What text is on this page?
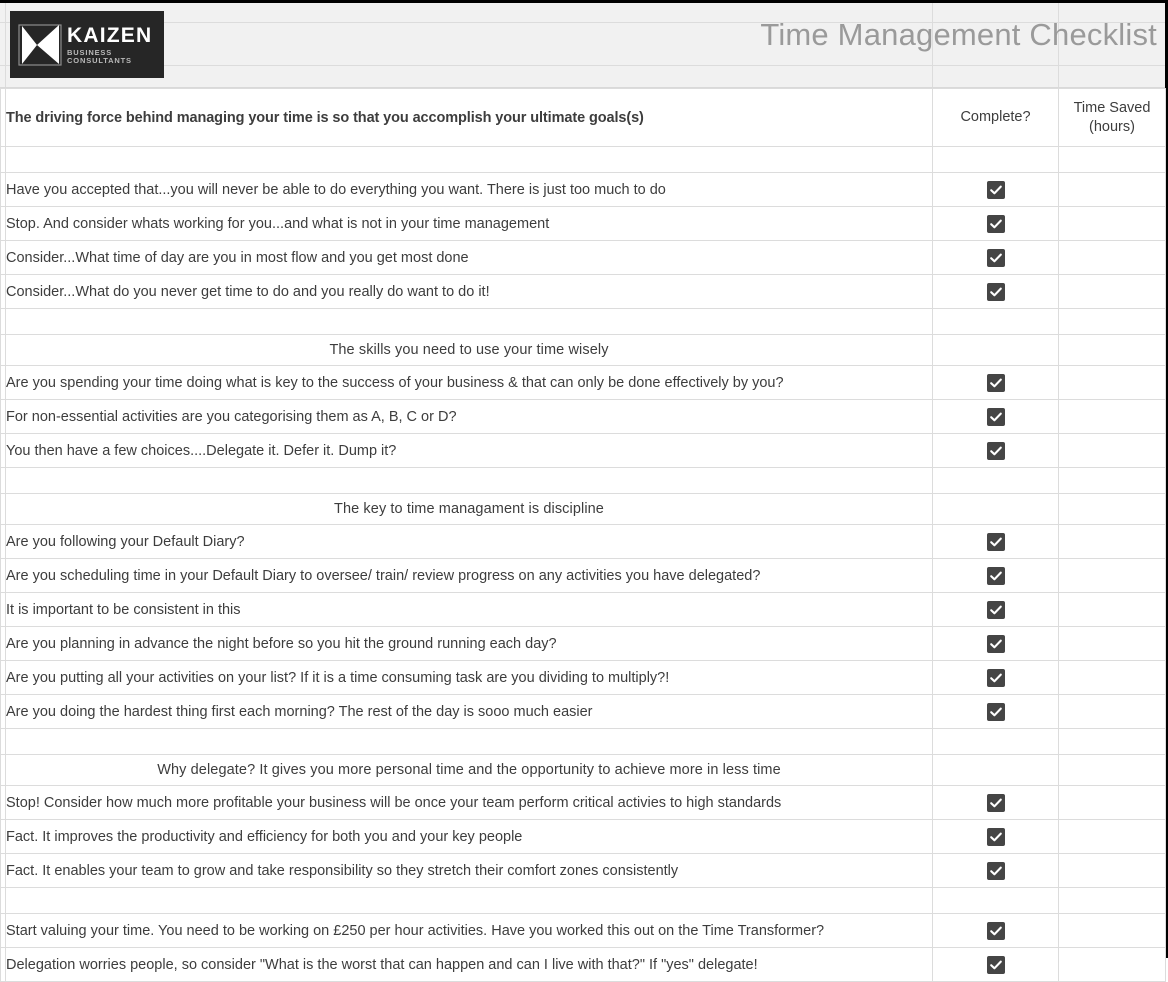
KAIZEN
BUSINESS CONSULTANTS
Time Management Checklist
	The driving force behind managing your time is so that you accomplish your ultimate goals(s)	Complete?	Time Saved
(hours)

	Have you accepted that...you will never be able to do everything you want. There is just too much to do	

	Stop. And consider whats working for you...and what is not in your time management	

	Consider...What time of day are you in most flow and you get most done	

	Consider...What do you never get time to do and you really do want to do it!	

	The skills you need to use your time wisely		
	Are you spending your time doing what is key to the success of your business & that can only be done effectively by you?	

	For non-essential activities are you categorising them as A, B, C or D?	

	You then have a few choices....Delegate it. Defer it. Dump it?	

	The key to time managament is discipline		
	Are you following your Default Diary?	

	Are you scheduling time in your Default Diary to oversee/ train/ review progress on any activities you have delegated?	

	It is important to be consistent in this	

	Are you planning in advance the night before so you hit the ground running each day?	

	Are you putting all your activities on your list? If it is a time consuming task are you dividing to multiply?!	

	Are you doing the hardest thing first each morning? The rest of the day is sooo much easier	

	Why delegate? It gives you more personal time and the opportunity to achieve more in less time		
	Stop! Consider how much more profitable your business will be once your team perform critical activies to high standards	

	Fact. It improves the productivity and efficiency for both you and your key people	

	Fact. It enables your team to grow and take responsibility so they stretch their comfort zones consistently	

	Start valuing your time. You need to be working on £250 per hour activities. Have you worked this out on the Time Transformer?	

	Delegation worries people, so consider "What is the worst that can happen and can I live with that?" If "yes" delegate!	
